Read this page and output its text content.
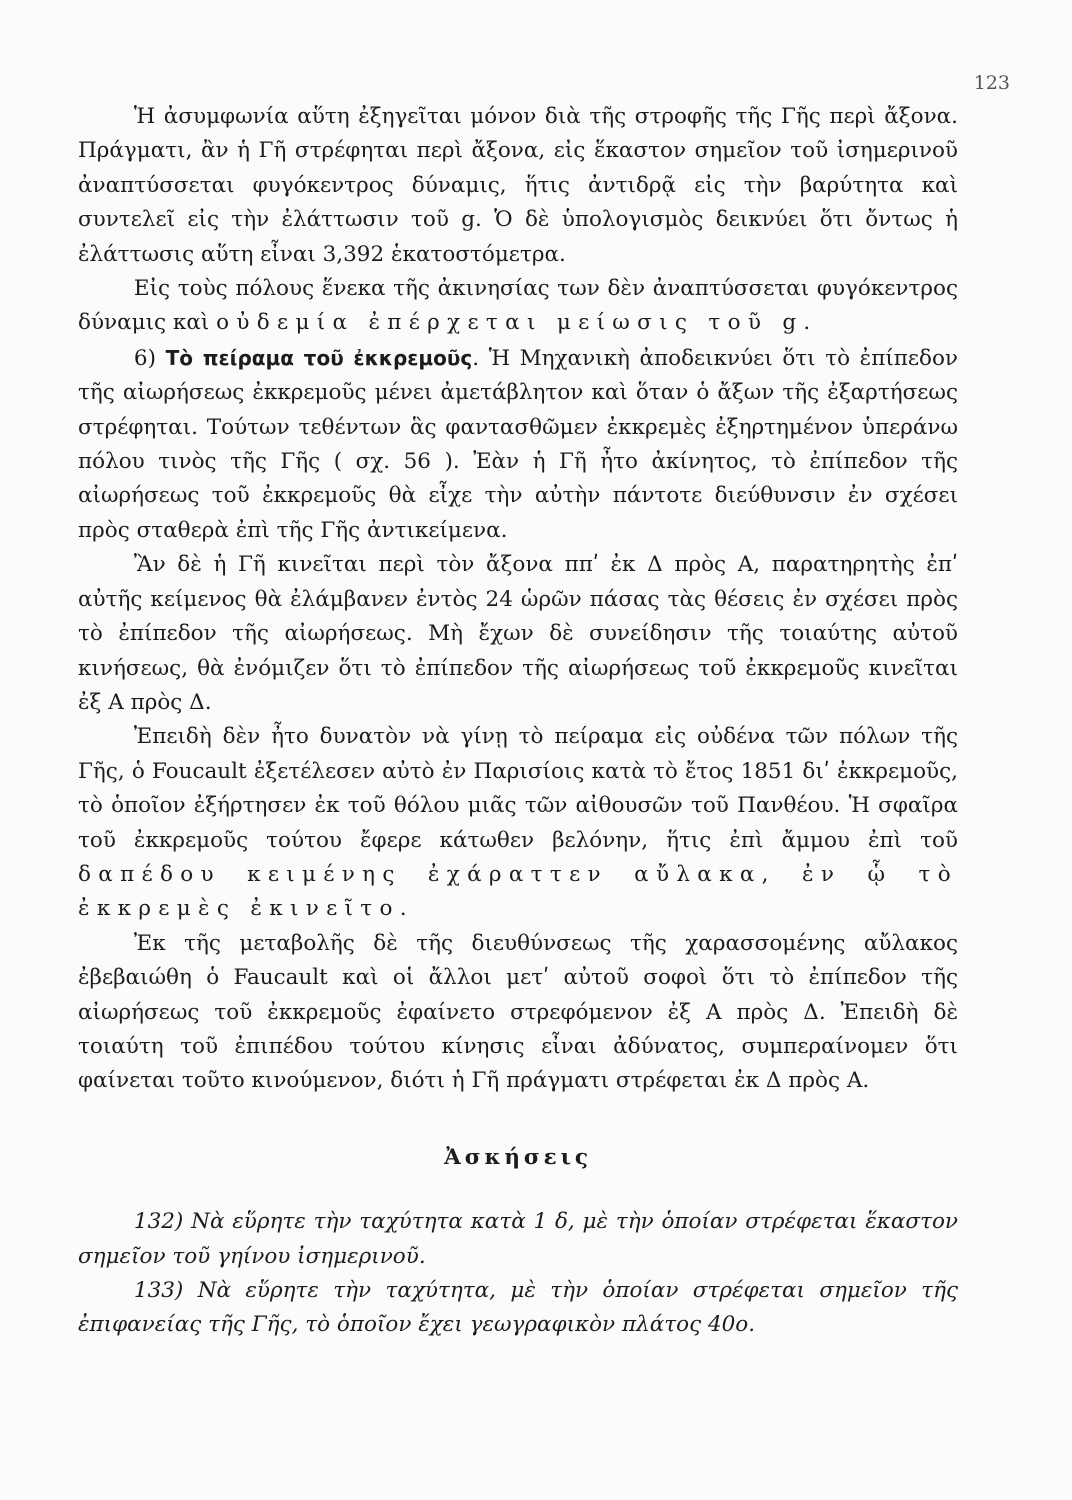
123

Ἡ ἀσυμφωνία αὕτη ἐξηγεῖται μόνον διὰ τῆς στροφῆς τῆς Γῆς περὶ ἄξονα. Πράγματι, ἂν ἡ Γῆ στρέφηται περὶ ἄξονα, εἰς ἕκαστον σημεῖον τοῦ ἰσημερινοῦ ἀναπτύσσεται φυγόκεντρος δύναμις, ἥτις ἀντιδρᾷ εἰς τὴν βαρύτητα καὶ συντελεῖ εἰς τὴν ἐλάττωσιν τοῦ g. Ὁ δὲ ὑπολογισμὸς δεικνύει ὅτι ὄντως ἡ ἐλάττωσις αὕτη εἶναι 3,392 ἑκατοστόμετρα.

Εἰς τοὺς πόλους ἕνεκα τῆς ἀκινησίας των δὲν ἀναπτύσσεται φυγόκεντρος δύναμις καὶ οὐδεμία ἐπέρχεται μείωσις τοῦ g.

6) Τὸ πείραμα τοῦ ἐκκρεμοῦς. Ἡ Μηχανικὴ ἀποδεικνύει ὅτι τὸ ἐπίπεδον τῆς αἰωρήσεως ἐκκρεμοῦς μένει ἀμετάβλητον καὶ ὅταν ὁ ἄξων τῆς ἐξαρτήσεως στρέφηται. Τούτων τεθέντων ἃς φαντασθῶμεν ἐκκρεμὲς ἐξηρτημένον ὑπεράνω πόλου τινὸς τῆς Γῆς ( σχ. 56 ). Ἐὰν ἡ Γῆ ἦτο ἀκίνητος, τὸ ἐπίπεδον τῆς αἰωρήσεως τοῦ ἐκκρεμοῦς θὰ εἶχε τὴν αὐτὴν πάντοτε διεύθυνσιν ἐν σχέσει πρὸς σταθερὰ ἐπὶ τῆς Γῆς ἀντικείμενα.

Ἂν δὲ ἡ Γῆ κινεῖται περὶ τὸν ἄξονα ππʹ ἐκ Δ πρὸς Α, παρατηρητὴς ἐπʹ αὐτῆς κείμενος θὰ ἐλάμβανεν ἐντὸς 24 ὡρῶν πάσας τὰς θέσεις ἐν σχέσει πρὸς τὸ ἐπίπεδον τῆς αἰωρήσεως. Μὴ ἔχων δὲ συνείδησιν τῆς τοιαύτης αὐτοῦ κινήσεως, θὰ ἐνόμιζεν ὅτι τὸ ἐπίπεδον τῆς αἰωρήσεως τοῦ ἐκκρεμοῦς κινεῖται ἐξ Α πρὸς Δ.

Ἐπειδὴ δὲν ἦτο δυνατὸν νὰ γίνῃ τὸ πείραμα εἰς οὐδένα τῶν πόλων τῆς Γῆς, ὁ Foucault ἐξετέλεσεν αὐτὸ ἐν Παρισίοις κατὰ τὸ ἔτος 1851 διʹ ἐκκρεμοῦς, τὸ ὁποῖον ἐξήρτησεν ἐκ τοῦ θόλου μιᾶς τῶν αἰθουσῶν τοῦ Πανθέου. Ἡ σφαῖρα τοῦ ἐκκρεμοῦς τούτου ἔφερε κάτωθεν βελόνην, ἥτις ἐπὶ ἄμμου ἐπὶ τοῦ δαπέδου κειμένης ἐχάραττεν αὔλακα, ἐν ᾧ τὸ ἐκκρεμὲς ἐκινεῖτο.

Ἐκ τῆς μεταβολῆς δὲ τῆς διευθύνσεως τῆς χαρασσομένης αὔλακος ἐβεβαιώθη ὁ Faucault καὶ οἱ ἄλλοι μετʹ αὐτοῦ σοφοὶ ὅτι τὸ ἐπίπεδον τῆς αἰωρήσεως τοῦ ἐκκρεμοῦς ἐφαίνετο στρεφόμενον ἐξ Α πρὸς Δ. Ἐπειδὴ δὲ τοιαύτη τοῦ ἐπιπέδου τούτου κίνησις εἶναι ἀδύνατος, συμπεραίνομεν ὅτι φαίνεται τοῦτο κινούμενον, διότι ἡ Γῆ πράγματι στρέφεται ἐκ Δ πρὸς Α.

Ἀσκήσεις

132) Νὰ εὕρητε τὴν ταχύτητα κατὰ 1 δ, μὲ τὴν ὁποίαν στρέφεται ἕκαστον σημεῖον τοῦ γηίνου ἰσημερινοῦ.

133) Νὰ εὕρητε τὴν ταχύτητα, μὲ τὴν ὁποίαν στρέφεται σημεῖον τῆς ἐπιφανείας τῆς Γῆς, τὸ ὁποῖον ἔχει γεωγραφικὸν πλάτος 40ο.
